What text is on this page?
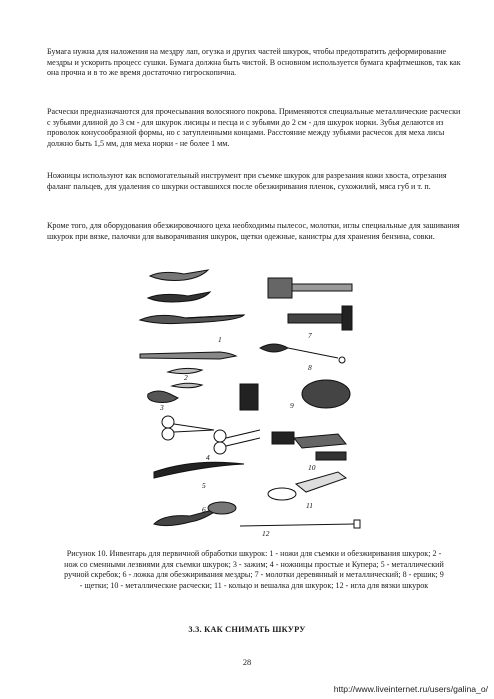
Бумага нужна для наложения на мездру лап, огузка и других частей шкурок, чтобы предотвратить деформирование мездры и ускорить процесс сушки. Бумага должна быть чистой. В основном используется бумага крафтмешков, так как она прочна и в то же время достаточно гигроскопична.

Расчески предназначаются для прочесывания волосяного покрова. Применяются специальные металлические расчески с зубьями длиной до 3 см - для шкурок лисицы и песца и с зубьями до 2 см - для шкурок норки. Зубья делаются из проволок конусообразной формы, но с затупленными концами. Расстояние между зубьями расчесок для меха лисы должно быть 1,5 мм, для меха норки - не более 1 мм.

Ножницы используют как вспомогательный инструмент при съемке шкурок для разрезания кожи хвоста, отрезания фаланг пальцев, для удаления со шкурки оставшихся после обезжиривания пленок, сухожилий, мяса губ и т. п.

Кроме того, для оборудования обезжировочного цеха необходимы пылесос, молотки, иглы специальные для зашивания шкурок при вязке, палочки для выворачивания шкурок, щетки одежные, канистры для хранения бензина, совки.

1	7
2
8
3	9
4
10
5
11
6
12

Рисунок 10. Инвентарь для первичной обработки шкурок: 1 - ножи для съемки и обезжиривания шкурок; 2 - нож со сменными лезвиями для съемки шкурок; 3 - зажим; 4 - ножницы простые и Купера; 5 - металлический ручной скребок; 6 - ложка для обезжиривания мездры; 7 - молотки деревянный и металлический; 8 - ершик; 9 - щетки; 10 - металлические расчески; 11 - кольцо и вешалка для шкурок; 12 - игла для вязки шкурок

3.3. КАК СНИМАТЬ ШКУРУ

28

http://www.liveinternet.ru/users/galina_o/
